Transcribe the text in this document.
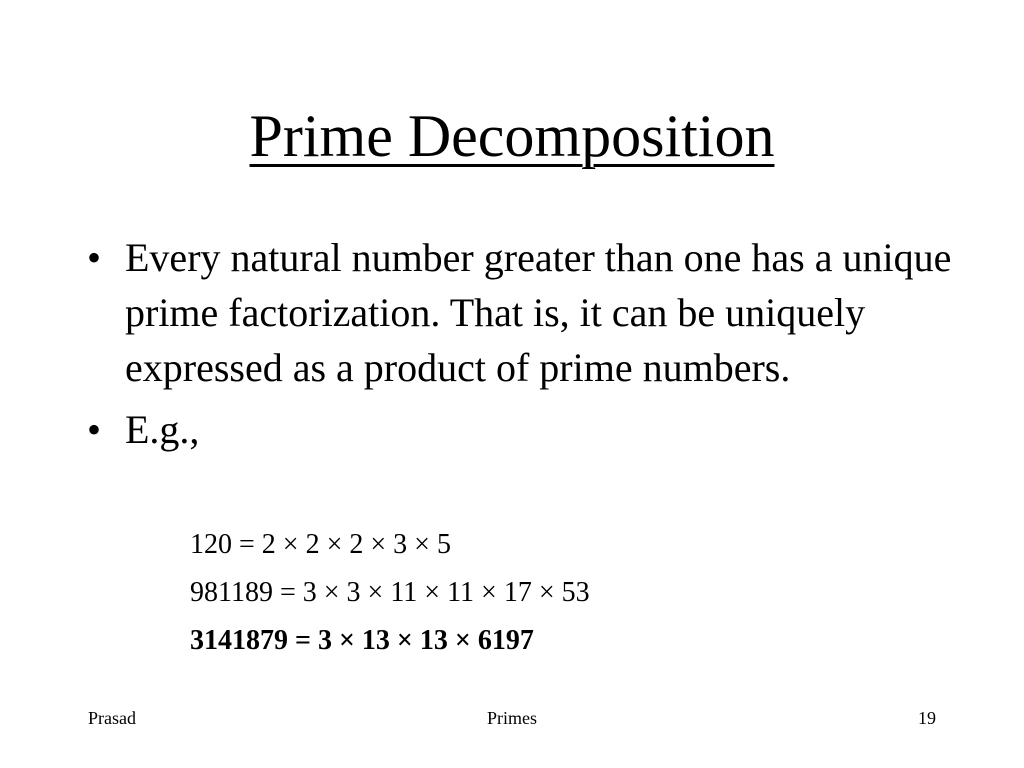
Prime Decomposition
• Every natural number greater than one has a unique prime factorization. That is, it can be uniquely expressed as a product of prime numbers.
• E.g.,
120 = 2 × 2 × 2 × 3 × 5
981189 = 3 × 3 × 11 × 11 × 17 × 53
3141879 = 3 × 13 × 13 × 6197
Prasad	Primes	19
